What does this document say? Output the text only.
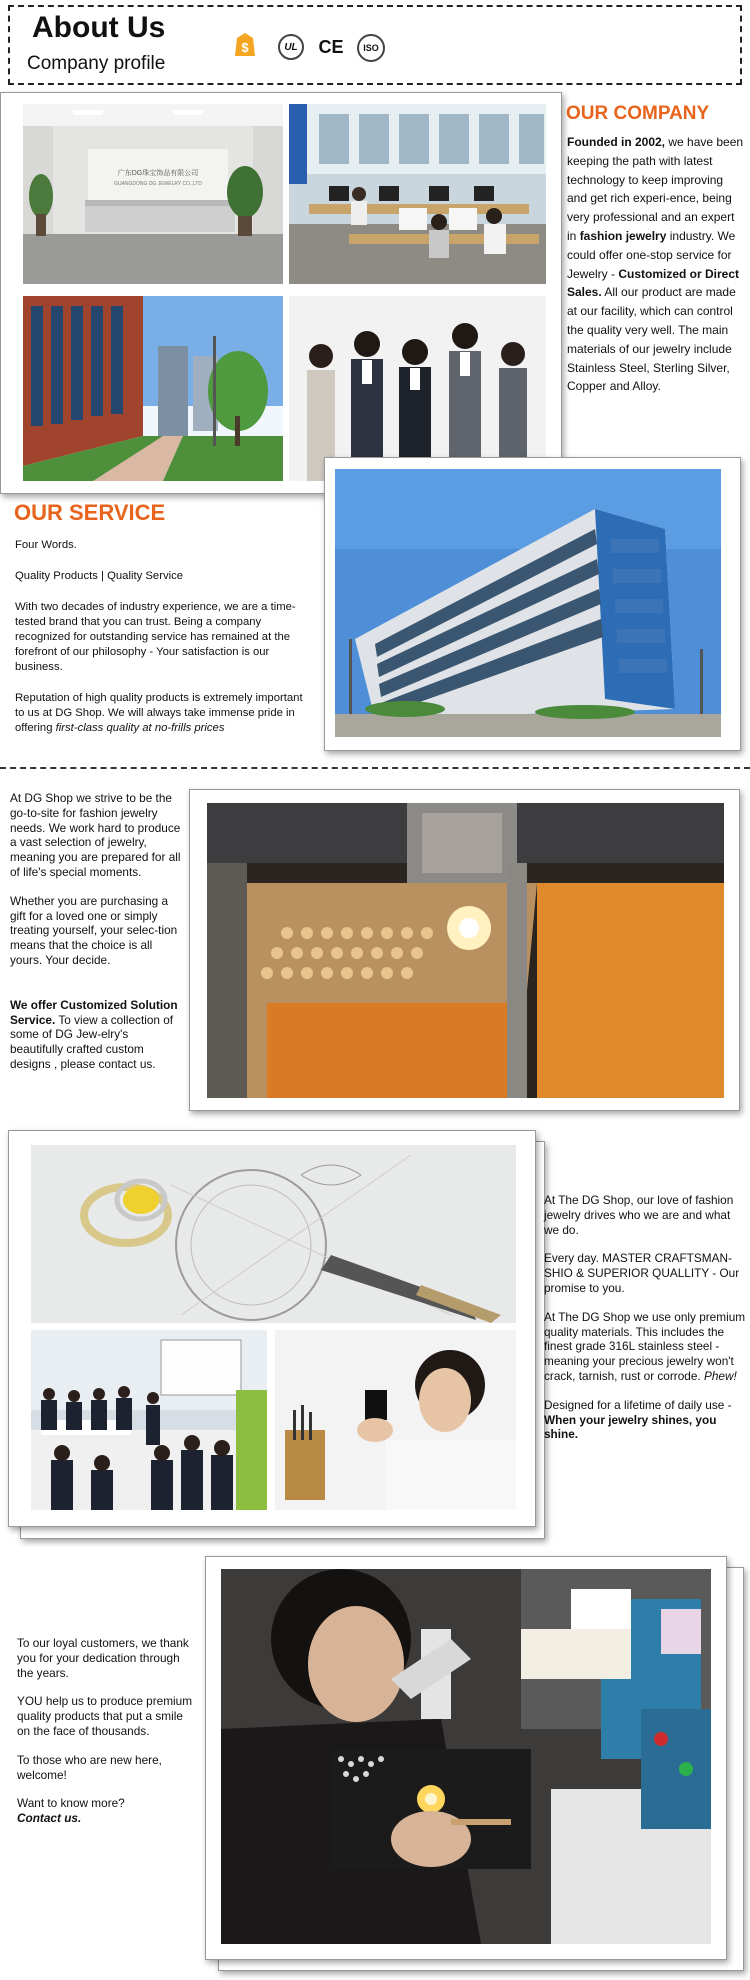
About Us
Company profile
$	UL CE ISO
广东DG珠宝饰品有限公司
GUANGDONG DG JEWELRY CO.,LTD
OUR COMPANY
Founded in 2002, we have been keeping the path with latest technology to keep improving and get rich experi-ence, being very professional and an expert in fashion jewelry industry. We could offer one-stop service for Jewelry - Customized or Direct Sales. All our product are made at our facility, which can control the quality very well. The main materials of our jewelry include Stainless Steel, Sterling Silver, Copper and Alloy.
OUR SERVICE

Four Words.

Quality Products | Quality Service

With two decades of industry experience, we are a time-tested brand that you can trust. Being a company recognized for outstanding service has remained at the forefront of our philosophy - Your satisfaction is our business.

Reputation of high quality products is extremely important to us at DG Shop. We will always take immense pride in offering first-class quality at no-frills prices

At DG Shop we strive to be the go-to-site for fashion jewelry needs. We work hard to produce a vast selection of jewelry, meaning you are prepared for all of life's special moments.

Whether you are purchasing a gift for a loved one or simply treating yourself, your selec-tion means that the choice is all yours. Your decide.

We offer Customized Solution Service. To view a collection of some of DG Jew-elry's beautifully crafted custom designs , please contact us.

At The DG Shop, our love of fashion jewelry drives who we are and what we do.

Every day. MASTER CRAFTSMAN-SHIO & SUPERIOR QUALLITY - Our promise to you.

At The DG Shop we use only premium quality materials. This includes the finest grade 316L stainless steel - meaning your precious jewelry won't crack, tarnish, rust or corrode. Phew!

Designed for a lifetime of daily use - When your jewelry shines, you shine.

To our loyal customers, we thank you for your dedication through the years.

YOU help us to produce premium quality products that put a smile on the face of thousands.

To those who are new here, welcome!

Want to know more?
Contact us.
